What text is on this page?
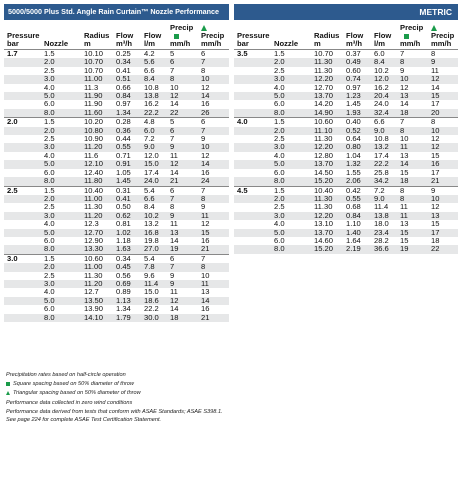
5000/5000 Plus Std. Angle Rain Curtain™ Nozzle Performance
Pressure
bar	Nozzle	Radius
m	Flow
m³/h	Flow
l/m	Precip
mm/h	Precip
mm/h
1.7	1.5	10.10	0.25	4.2	5	6
	2.0	10.70	0.34	5.6	6	7
	2.5	10.70	0.41	6.6	7	8
	3.0	11.00	0.51	8.4	8	10
	4.0	11.3	0.66	10.8	10	12
	5.0	11.90	0.84	13.8	12	14
	6.0	11.90	0.97	16.2	14	16
	8.0	11.60	1.34	22.2	22	26
2.0	1.5	10.20	0.28	4.8	5	6
	2.0	10.80	0.36	6.0	6	7
	2.5	10.90	0.44	7.2	7	9
	3.0	11.20	0.55	9.0	9	10
	4.0	11.6	0.71	12.0	11	12
	5.0	12.10	0.91	15.0	12	14
	6.0	12.40	1.05	17.4	14	16
	8.0	11.80	1.45	24.0	21	24
2.5	1.5	10.40	0.31	5.4	6	7
	2.0	11.00	0.41	6.6	7	8
	2.5	11.30	0.50	8.4	8	9
	3.0	11.20	0.62	10.2	9	11
	4.0	12.3	0.81	13.2	11	12
	5.0	12.70	1.02	16.8	13	15
	6.0	12.90	1.18	19.8	14	16
	8.0	13.30	1.63	27.0	19	21
3.0	1.5	10.60	0.34	5.4	6	7
	2.0	11.00	0.45	7.8	7	8
	2.5	11.30	0.56	9.6	9	10
	3.0	11.20	0.69	11.4	9	11
	4.0	12.7	0.89	15.0	11	13
	5.0	13.50	1.13	18.6	12	14
	6.0	13.90	1.34	22.2	14	16
	8.0	14.10	1.79	30.0	18	21
METRIC
Pressure
bar	Nozzle	Radius
m	Flow
m³/h	Flow
l/m	Precip
mm/h	Precip
mm/h
3.5	1.5	10.70	0.37	6.0	7	8
	2.0	11.30	0.49	8.4	8	9
	2.5	11.30	0.60	10.2	9	11
	3.0	12.20	0.74	12.0	10	12
	4.0	12.70	0.97	16.2	12	14
	5.0	13.70	1.23	20.4	13	15
	6.0	14.20	1.45	24.0	14	17
	8.0	14.90	1.93	32.4	18	20
4.0	1.5	10.60	0.40	6.6	7	8
	2.0	11.10	0.52	9.0	8	10
	2.5	11.30	0.64	10.8	10	12
	3.0	12.20	0.80	13.2	11	12
	4.0	12.80	1.04	17.4	13	15
	5.0	13.70	1.32	22.2	14	16
	6.0	14.50	1.55	25.8	15	17
	8.0	15.20	2.06	34.2	18	21
4.5	1.5	10.40	0.42	7.2	8	9
	2.0	11.30	0.55	9.0	8	10
	2.5	11.30	0.68	11.4	11	12
	3.0	12.20	0.84	13.8	11	13
	4.0	13.10	1.10	18.0	13	15
	5.0	13.70	1.40	23.4	15	17
	6.0	14.60	1.64	28.2	15	18
	8.0	15.20	2.19	36.6	19	22
Precipitation rates based on half-circle operation
Square spacing based on 50% diameter of throw
Triangular spacing based on 50% diameter of throw
Performance data collected in zero wind conditions
Performance data derived from tests that conform with ASAE Standards; ASAE S398.1.
See page 224 for complete ASAE Test Certification Statement.
